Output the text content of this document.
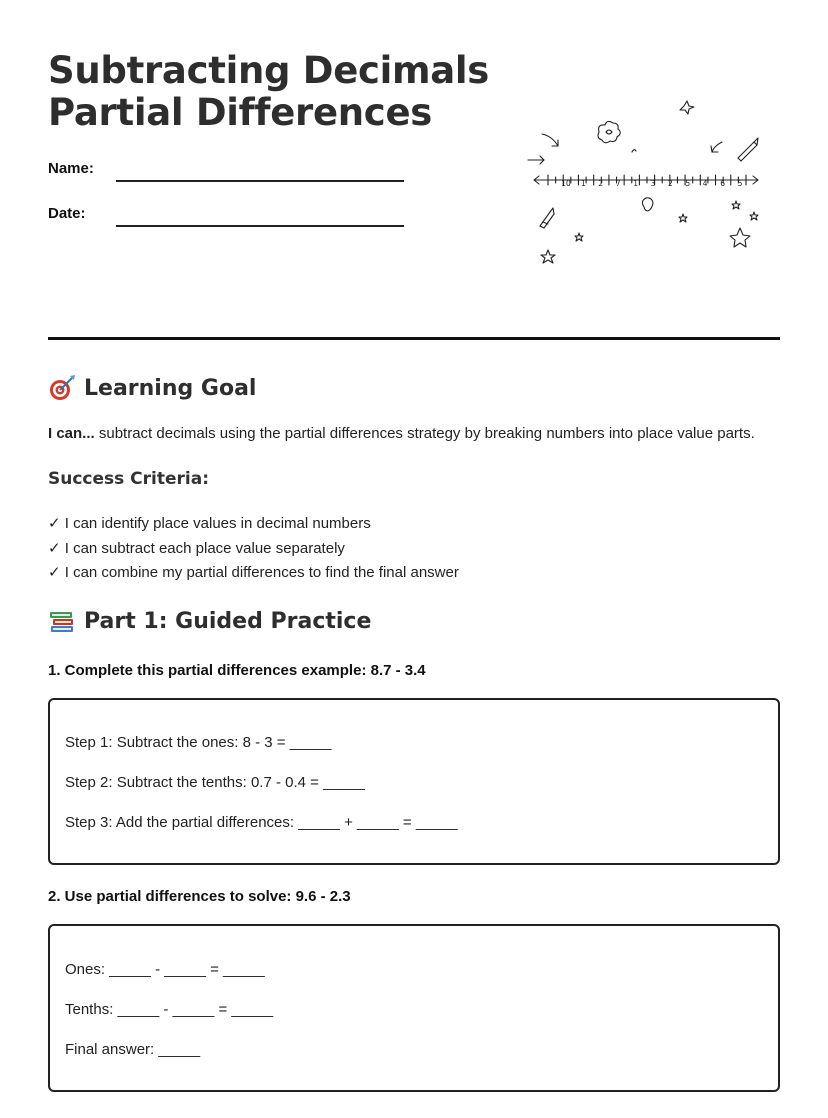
Subtracting Decimals
Partial Differences
Name:
Date:
10 1 2 7 1 3 2 5 4 6 5
Learning Goal
I can... subtract decimals using the partial differences strategy by breaking numbers into place value parts.
Success Criteria:
✓ I can identify place values in decimal numbers
✓ I can subtract each place value separately
✓ I can combine my partial differences to find the final answer
Part 1: Guided Practice
1. Complete this partial differences example: 8.7 - 3.4
Step 1: Subtract the ones: 8 - 3 = _____
Step 2: Subtract the tenths: 0.7 - 0.4 = _____
Step 3: Add the partial differences: _____ + _____ = _____
2. Use partial differences to solve: 9.6 - 2.3
Ones: _____ - _____ = _____
Tenths: _____ - _____ = _____
Final answer: _____
